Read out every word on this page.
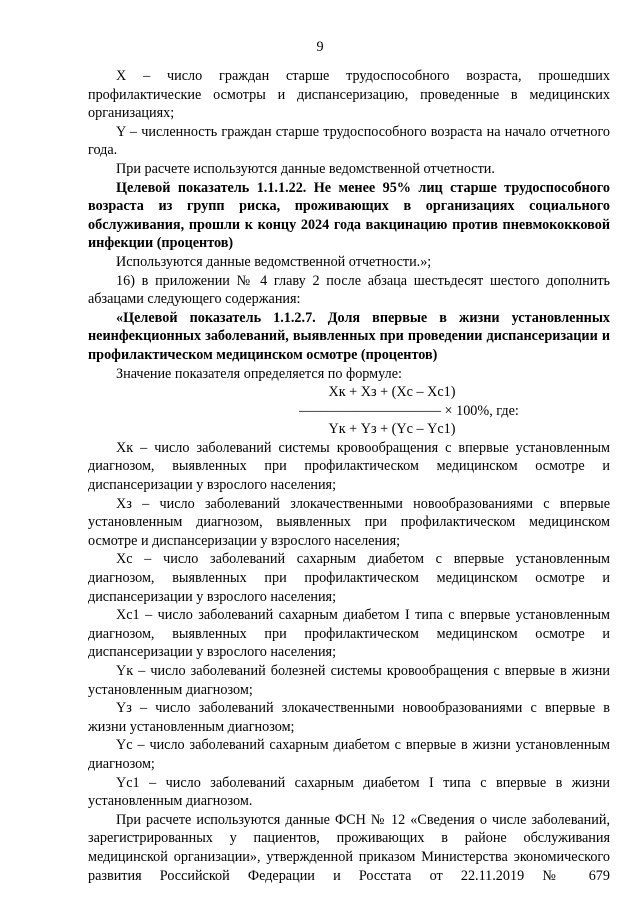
9

X – число граждан старше трудоспособного возраста, прошедших профилактические осмотры и диспансеризацию, проведенные в медицинских организациях;

Y – численность граждан старше трудоспособного возраста на начало отчетного года.

При расчете используются данные ведомственной отчетности.

Целевой показатель 1.1.1.22. Не менее 95% лиц старше трудоспособного возраста из групп риска, проживающих в организациях социального обслуживания, прошли к концу 2024 года вакцинацию против пневмококковой инфекции (процентов)

Используются данные ведомственной отчетности.»;

16) в приложении № 4 главу 2 после абзаца шестьдесят шестого дополнить абзацами следующего содержания:

«Целевой показатель 1.1.2.7. Доля впервые в жизни установленных неинфекционных заболеваний, выявленных при проведении диспансеризации и профилактическом медицинском осмотре (процентов)

Значение показателя определяется по формуле:

Хк + Хз + (Хс – Хс1)
—————————— × 100%, где:
Yк + Yз + (Yс – Yс1)

Хк – число заболеваний системы кровообращения с впервые установленным диагнозом, выявленных при профилактическом медицинском осмотре и диспансеризации у взрослого населения;

Хз – число заболеваний злокачественными новообразованиями с впервые установленным диагнозом, выявленных при профилактическом медицинском осмотре и диспансеризации у взрослого населения;

Хс – число заболеваний сахарным диабетом с впервые установленным диагнозом, выявленных при профилактическом медицинском осмотре и диспансеризации у взрослого населения;

Хс1 – число заболеваний сахарным диабетом I типа с впервые установленным диагнозом, выявленных при профилактическом медицинском осмотре и диспансеризации у взрослого населения;

Yк – число заболеваний болезней системы кровообращения с впервые в жизни установленным диагнозом;

Yз – число заболеваний злокачественными новообразованиями с впервые в жизни установленным диагнозом;

Yс – число заболеваний сахарным диабетом с впервые в жизни установленным диагнозом;

Yс1 – число заболеваний сахарным диабетом I типа с впервые в жизни установленным диагнозом.

При расчете используются данные ФСН № 12 «Сведения о числе заболеваний, зарегистрированных у пациентов, проживающих в районе обслуживания медицинской организации», утвержденной приказом Министерства экономического развития Российской Федерации и Росстата от 22.11.2019 № 679
